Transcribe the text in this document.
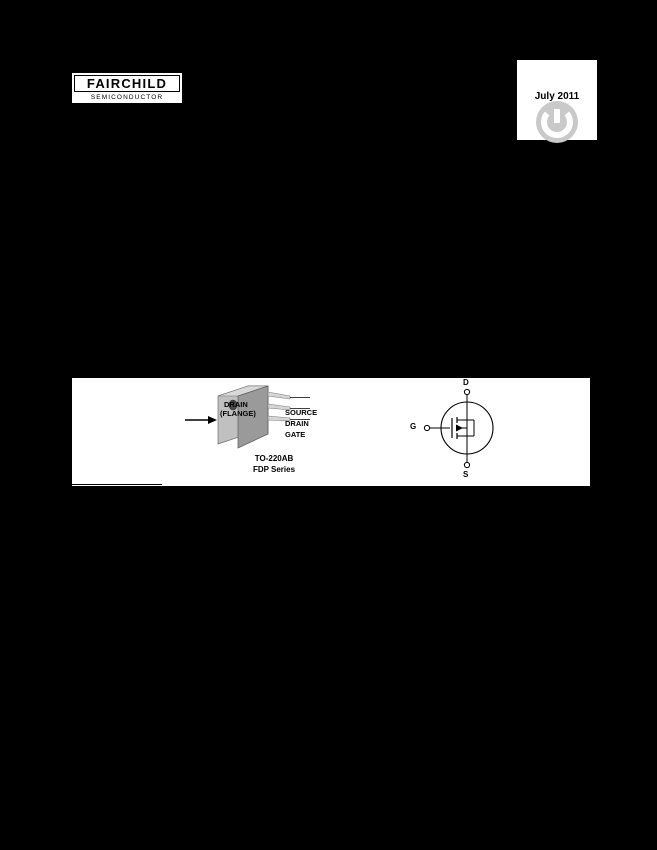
FAIRCHILD
SEMICONDUCTOR	July 2011
DRAIN
(FLANGE)	SOURCE
DRAIN
GATE
TO-220AB
FDP Series
D
G
S
